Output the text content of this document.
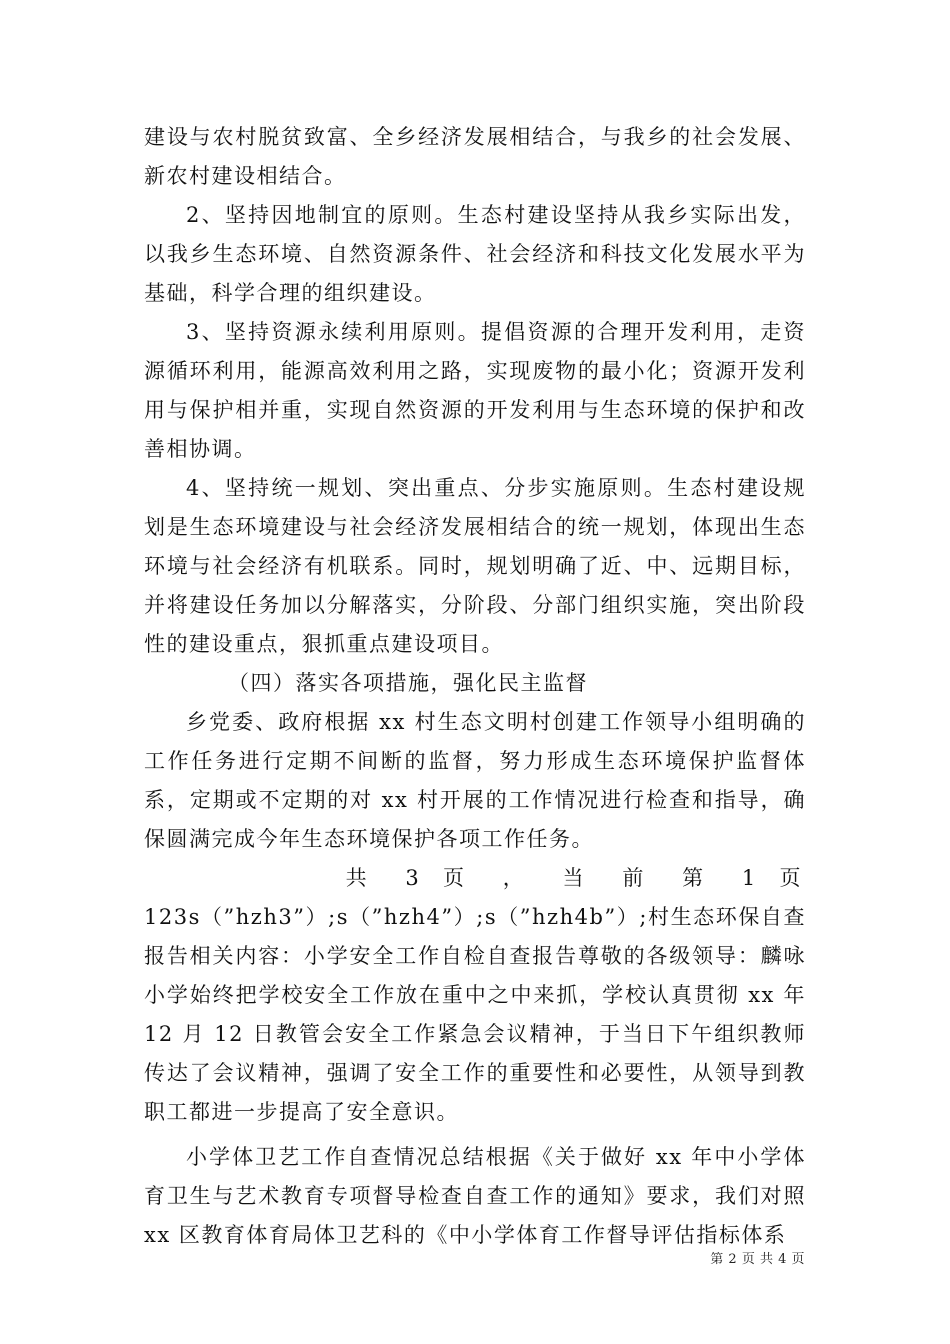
建设与农村脱贫致富、全乡经济发展相结合，与我乡的社会发展、新农村建设相结合。

2、坚持因地制宜的原则。生态村建设坚持从我乡实际出发，以我乡生态环境、自然资源条件、社会经济和科技文化发展水平为基础，科学合理的组织建设。

3、坚持资源永续利用原则。提倡资源的合理开发利用，走资源循环利用，能源高效利用之路，实现废物的最小化；资源开发利用与保护相并重，实现自然资源的开发利用与生态环境的保护和改善相协调。

4、坚持统一规划、突出重点、分步实施原则。生态村建设规划是生态环境建设与社会经济发展相结合的统一规划，体现出生态环境与社会经济有机联系。同时，规划明确了近、中、远期目标，并将建设任务加以分解落实，分阶段、分部门组织实施，突出阶段性的建设重点，狠抓重点建设项目。

（四）落实各项措施，强化民主监督

乡党委、政府根据 xx 村生态文明村创建工作领导小组明确的工作任务进行定期不间断的监督，努力形成生态环境保护监督体系，定期或不定期的对 xx 村开展的工作情况进行检查和指导，确保圆满完成今年生态环境保护各项工作任务。

共 3 页 ， 当 前 第 1 页

123s（”hzh3”）;s（”hzh4”）;s（”hzh4b”）;村生态环保自查报告相关内容：小学安全工作自检自查报告尊敬的各级领导：麟咏小学始终把学校安全工作放在重中之中来抓，学校认真贯彻 xx 年 12 月 12 日教管会安全工作紧急会议精神，于当日下午组织教师传达了会议精神，强调了安全工作的重要性和必要性，从领导到教职工都进一步提高了安全意识。

小学体卫艺工作自查情况总结根据《关于做好 xx 年中小学体育卫生与艺术教育专项督导检查自查工作的通知》要求，我们对照 xx 区教育体育局体卫艺科的《中小学体育工作督导评估指标体系

第 2 页 共 4 页
